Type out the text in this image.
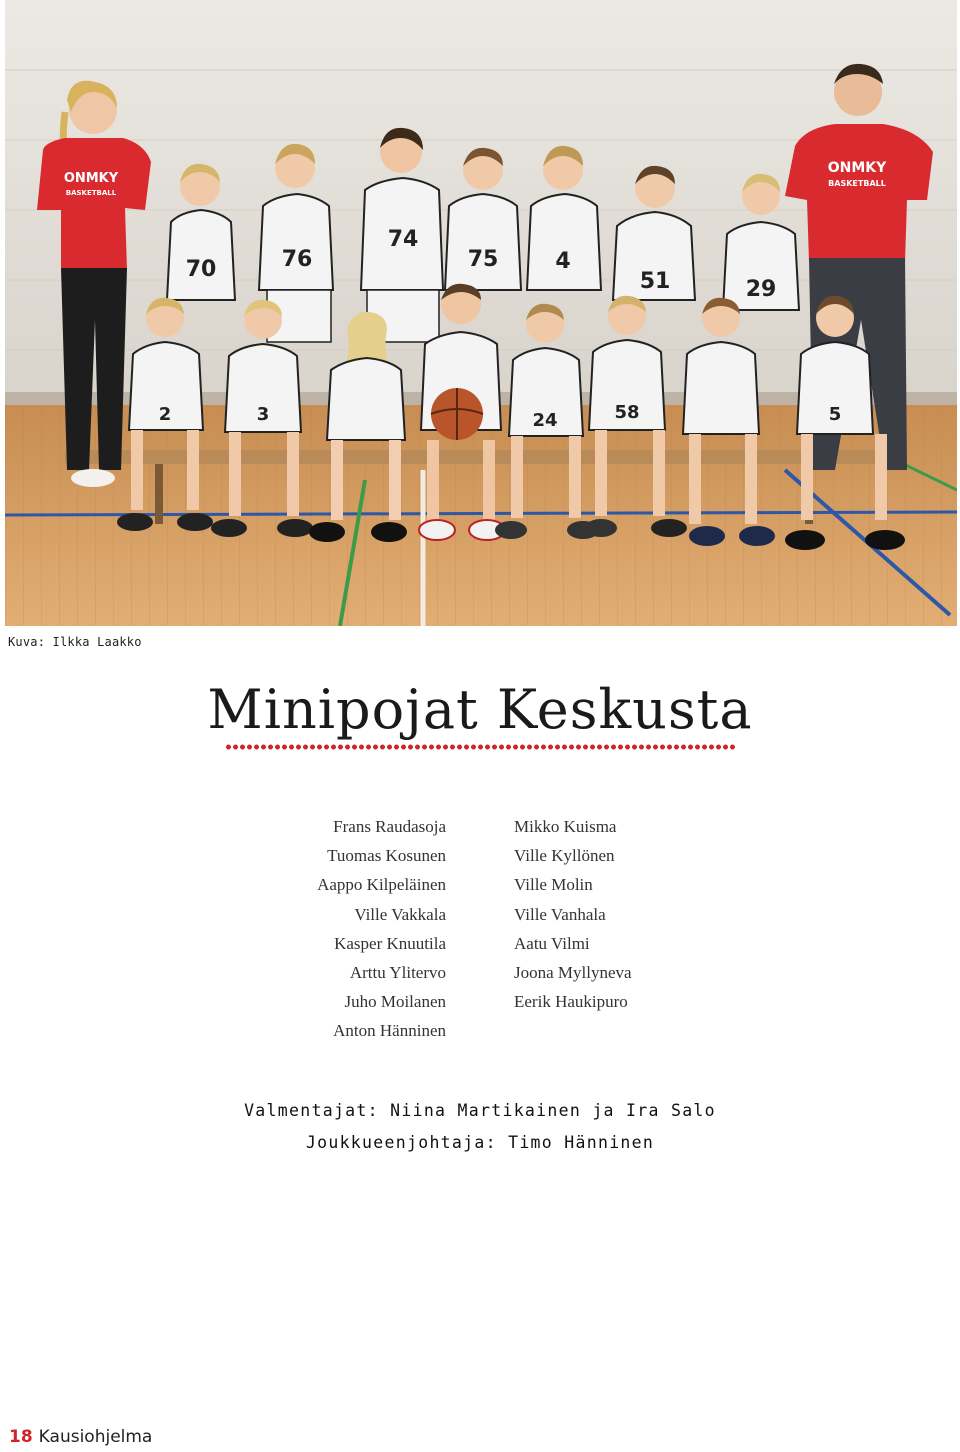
ONMKY
BASKETBALL
ONMKY
BASKETBALL
70	76
74
75	4
51	29
2	3	24	58	5
Kuva: Ilkka Laakko
Minipojat Keskusta
Frans Raudasoja
Tuomas Kosunen
Aappo Kilpeläinen
Ville Vakkala
Kasper Knuutila
Arttu Ylitervo
Juho Moilanen
Anton Hänninen
Mikko Kuisma
Ville Kyllönen
Ville Molin
Ville Vanhala
Aatu Vilmi
Joona Myllyneva
Eerik Haukipuro

Valmentajat: Niina Martikainen ja Ira Salo

Joukkueenjohtaja: Timo Hänninen

18 Kausiohjelma
